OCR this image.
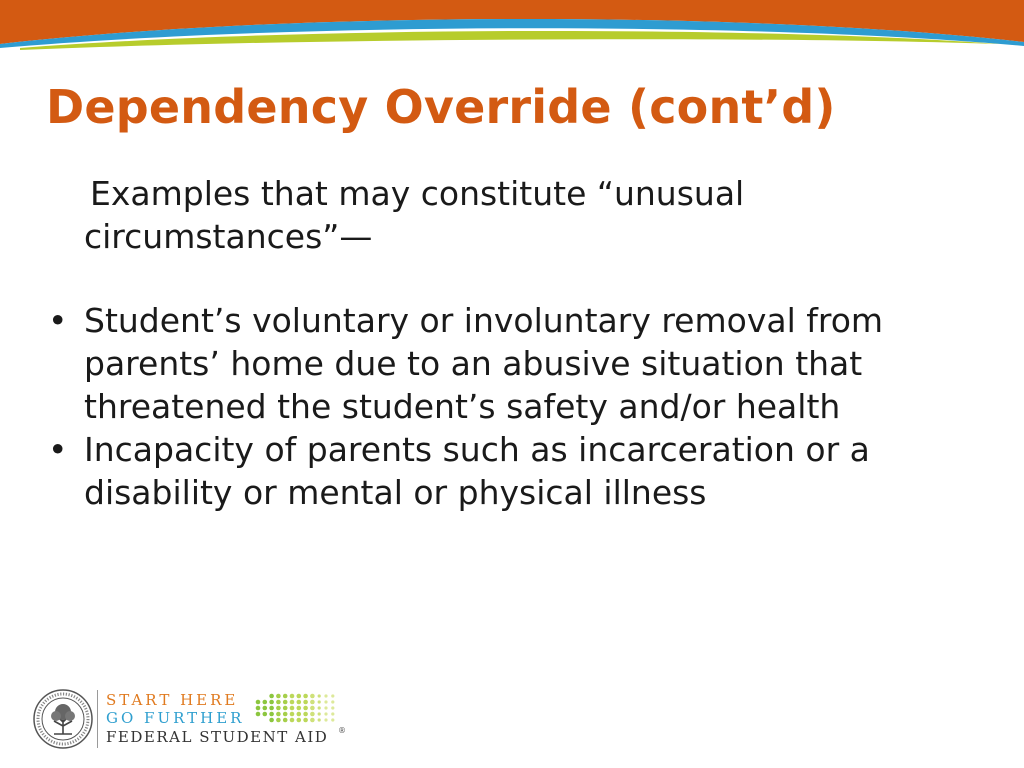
Dependency Override (cont’d)

Examples that may constitute “unusual circumstances”—

• Student’s voluntary or involuntary removal from parents’ home due to an abusive situation that threatened the student’s safety and/or health
• Incapacity of parents such as incarceration or a disability or mental or physical illness

START HERE

GO FURTHER

FEDERAL STUDENT AID ®
